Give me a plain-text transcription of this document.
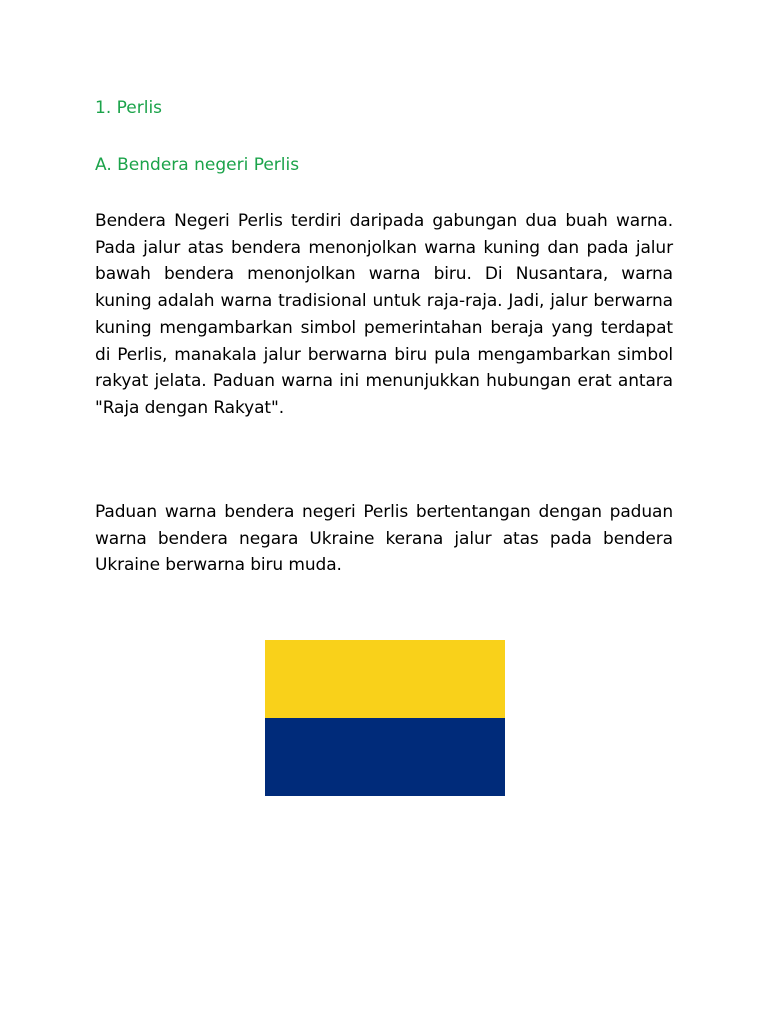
1. Perlis
A. Bendera negeri Perlis

Bendera Negeri Perlis terdiri daripada gabungan dua buah warna. Pada jalur atas bendera menonjolkan warna kuning dan pada jalur bawah bendera menonjolkan warna biru. Di Nusantara, warna kuning adalah warna tradisional untuk raja-raja. Jadi, jalur berwarna kuning mengambarkan simbol pemerintahan beraja yang terdapat di Perlis, manakala jalur berwarna biru pula mengambarkan simbol rakyat jelata. Paduan warna ini menunjukkan hubungan erat antara "Raja dengan Rakyat".

Paduan warna bendera negeri Perlis bertentangan dengan paduan warna bendera negara Ukraine kerana jalur atas pada bendera Ukraine berwarna biru muda.
